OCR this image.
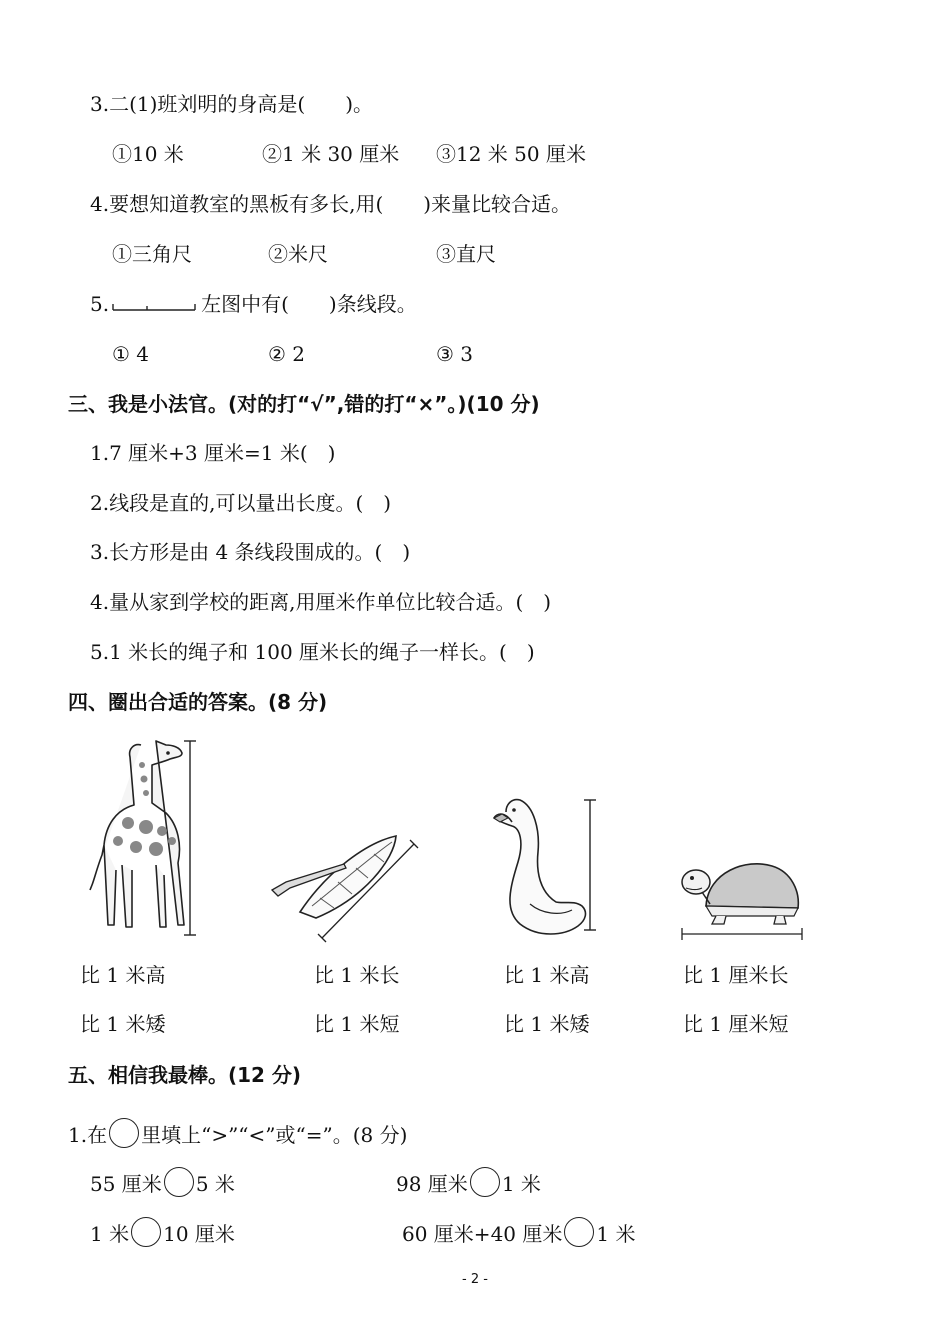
3.二(1)班刘明的身高是(　　)。
①10 米	②1 米 30 厘米 ③12 米 50 厘米
4.要想知道教室的黑板有多长,用(　　)来量比较合适。
①三角尺	②米尺	③直尺
5.	左图中有(　　)条线段。
① 4	② 2	③ 3
三、我是小法官。(对的打“√”,错的打“×”。)(10 分)
1.7 厘米+3 厘米=1 米(　)
2.线段是直的,可以量出长度。(　)
3.长方形是由 4 条线段围成的。(　)
4.量从家到学校的距离,用厘米作单位比较合适。(　)
5.1 米长的绳子和 100 厘米长的绳子一样长。(　)
四、圈出合适的答案。(8 分)
比 1 米高
比 1 米矮
比 1 米长
比 1 米短
比 1 米高
比 1 米矮
比 1 厘米长
比 1 厘米短
五、相信我最棒。(12 分)
1.在 里填上“>”“<”或“=”。(8 分)
55 厘米 5 米	98 厘米 1 米
1 米 10 厘米	60 厘米+40 厘米 1 米
- 2 -
